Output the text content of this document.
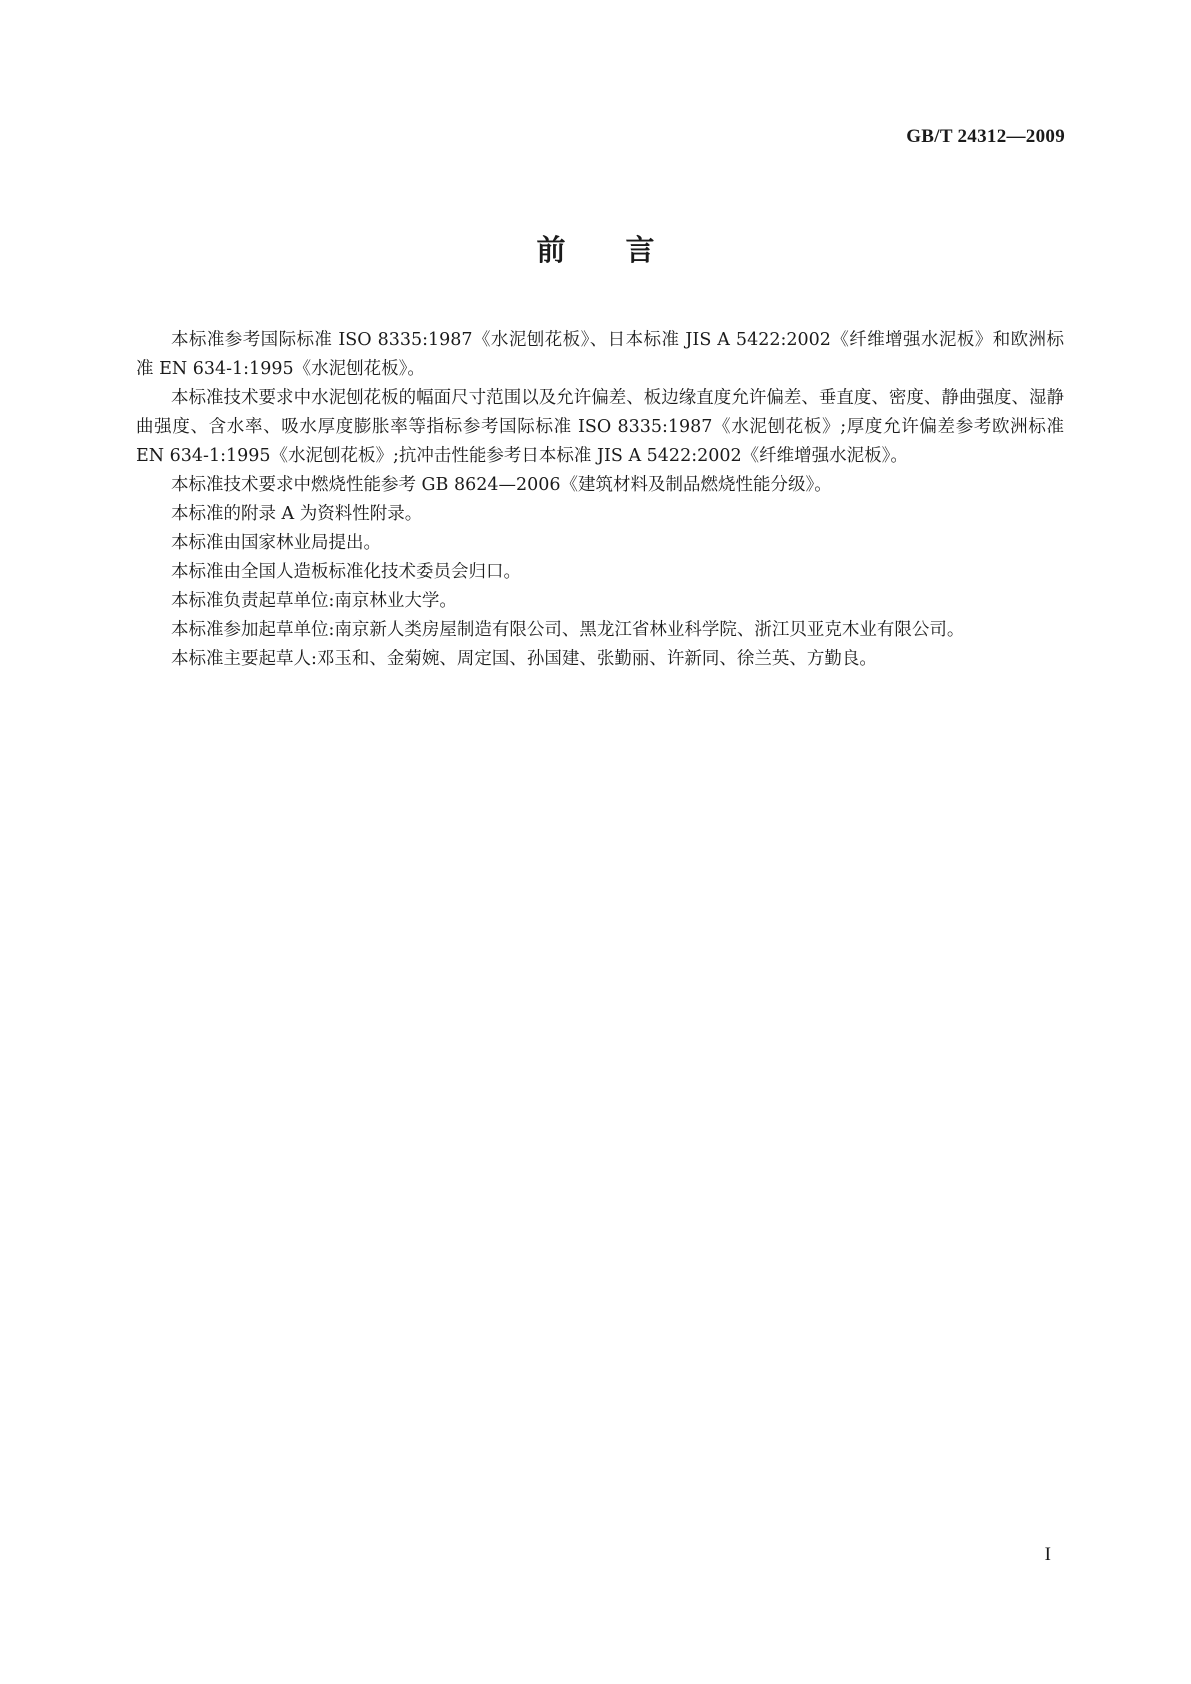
GB/T 24312—2009
前言

本标准参考国际标准 ISO 8335:1987《水泥刨花板》、日本标准 JIS A 5422:2002《纤维增强水泥板》和欧洲标准 EN 634-1:1995《水泥刨花板》。

本标准技术要求中水泥刨花板的幅面尺寸范围以及允许偏差、板边缘直度允许偏差、垂直度、密度、静曲强度、湿静曲强度、含水率、吸水厚度膨胀率等指标参考国际标准 ISO 8335:1987《水泥刨花板》;厚度允许偏差参考欧洲标准 EN 634-1:1995《水泥刨花板》;抗冲击性能参考日本标准 JIS A 5422:2002《纤维增强水泥板》。

本标准技术要求中燃烧性能参考 GB 8624—2006《建筑材料及制品燃烧性能分级》。

本标准的附录 A 为资料性附录。

本标准由国家林业局提出。

本标准由全国人造板标准化技术委员会归口。

本标准负责起草单位:南京林业大学。

本标准参加起草单位:南京新人类房屋制造有限公司、黑龙江省林业科学院、浙江贝亚克木业有限公司。

本标准主要起草人:邓玉和、金菊婉、周定国、孙国建、张勤丽、许新同、徐兰英、方勤良。

I
